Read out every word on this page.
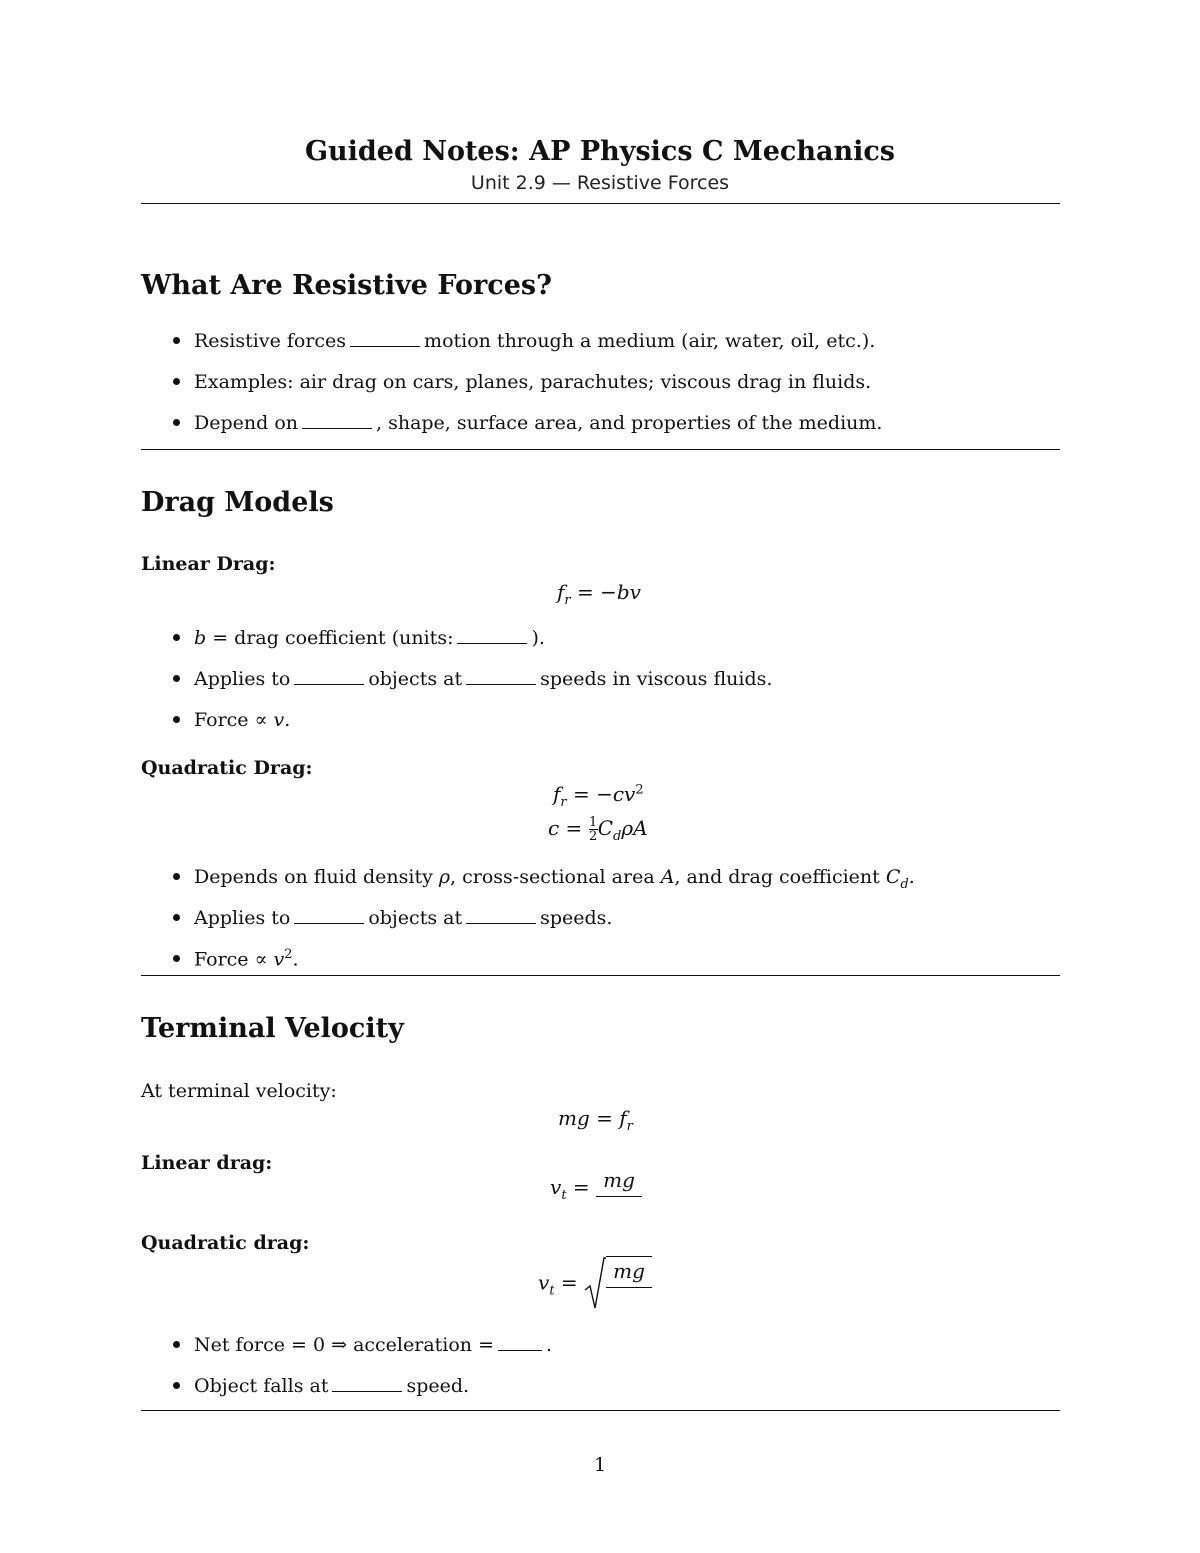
Guided Notes: AP Physics C Mechanics
Unit 2.9 — Resistive Forces
What Are Resistive Forces?
Resistive forces	motion through a medium (air, water, oil, etc.).
Examples: air drag on cars, planes, parachutes; viscous drag in fluids.
Depend on	, shape, surface area, and properties of the medium.
Drag Models
Linear Drag:
$f_r = -bv$
b = drag coefficient (units:	).
Applies to	objects at	speeds in viscous fluids.
Force ∝ v.
Quadratic Drag:
$f_r = -cv^2$
$c = \frac{1}{2} C_d\rho A$
Depends on fluid density ρ, cross-sectional area A, and drag coefficient $C_d$.
Applies to	objects at	speeds.
Force ∝ $v^2$.
Terminal Velocity
At terminal velocity:
mg = $f_r$
Linear drag:
$v_t$ = mg
Quadratic drag:
$v_t$ = mg
Net force = 0 ⇒ acceleration =	.
Object falls at	speed.
1
